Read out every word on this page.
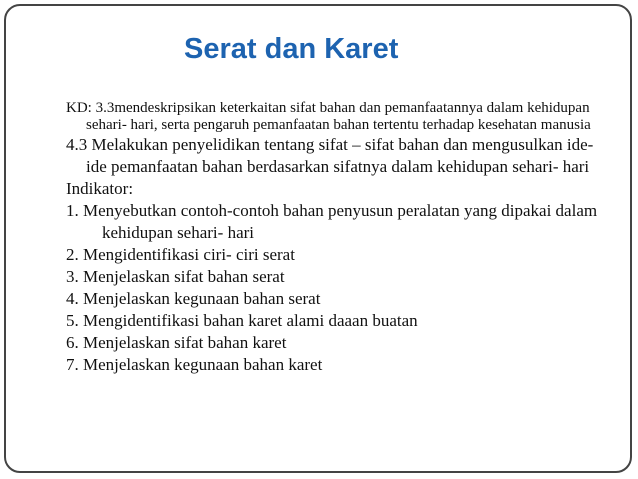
Serat dan Karet

KD: 3.3mendeskripsikan keterkaitan sifat bahan dan pemanfaatannya dalam kehidupan sehari- hari, serta pengaruh pemanfaatan bahan tertentu terhadap kesehatan manusia

4.3 Melakukan penyelidikan tentang sifat – sifat bahan dan mengusulkan ide- ide pemanfaatan bahan berdasarkan sifatnya dalam kehidupan sehari- hari

Indikator:

1. Menyebutkan contoh-contoh bahan penyusun peralatan yang dipakai dalam kehidupan sehari- hari

2. Mengidentifikasi ciri- ciri serat

3. Menjelaskan sifat bahan serat

4. Menjelaskan kegunaan bahan serat

5. Mengidentifikasi bahan karet alami daaan buatan

6. Menjelaskan sifat bahan karet

7. Menjelaskan kegunaan bahan karet
